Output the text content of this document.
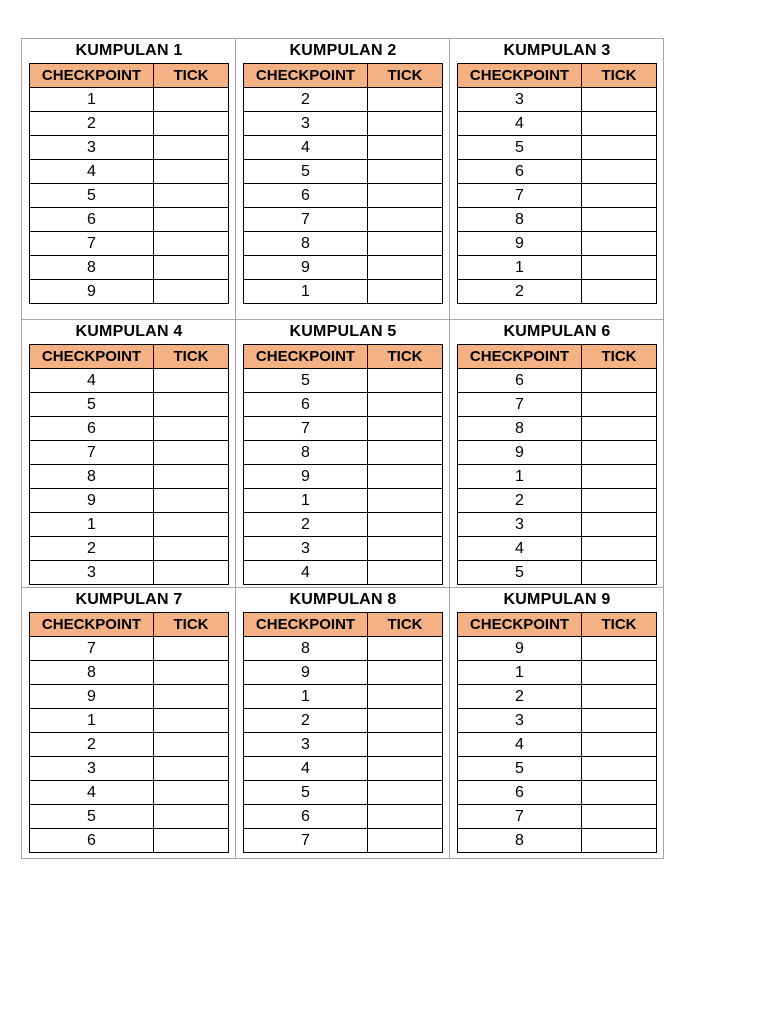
KUMPULAN 1
CHECKPOINT	TICK
1	
2	
3	
4	
5	
6	
7	
8	
9	
KUMPULAN 2
CHECKPOINT	TICK
2	
3	
4	
5	
6	
7	
8	
9	
1	
KUMPULAN 3
CHECKPOINT	TICK
3	
4	
5	
6	
7	
8	
9	
1	
2	
KUMPULAN 4
CHECKPOINT	TICK
4	
5	
6	
7	
8	
9	
1	
2	
3	
KUMPULAN 5
CHECKPOINT	TICK
5	
6	
7	
8	
9	
1	
2	
3	
4	
KUMPULAN 6
CHECKPOINT	TICK
6	
7	
8	
9	
1	
2	
3	
4	
5	
KUMPULAN 7
CHECKPOINT	TICK
7	
8	
9	
1	
2	
3	
4	
5	
6	
KUMPULAN 8
CHECKPOINT	TICK
8	
9	
1	
2	
3	
4	
5	
6	
7	
KUMPULAN 9
CHECKPOINT	TICK
9	
1	
2	
3	
4	
5	
6	
7	
8	
